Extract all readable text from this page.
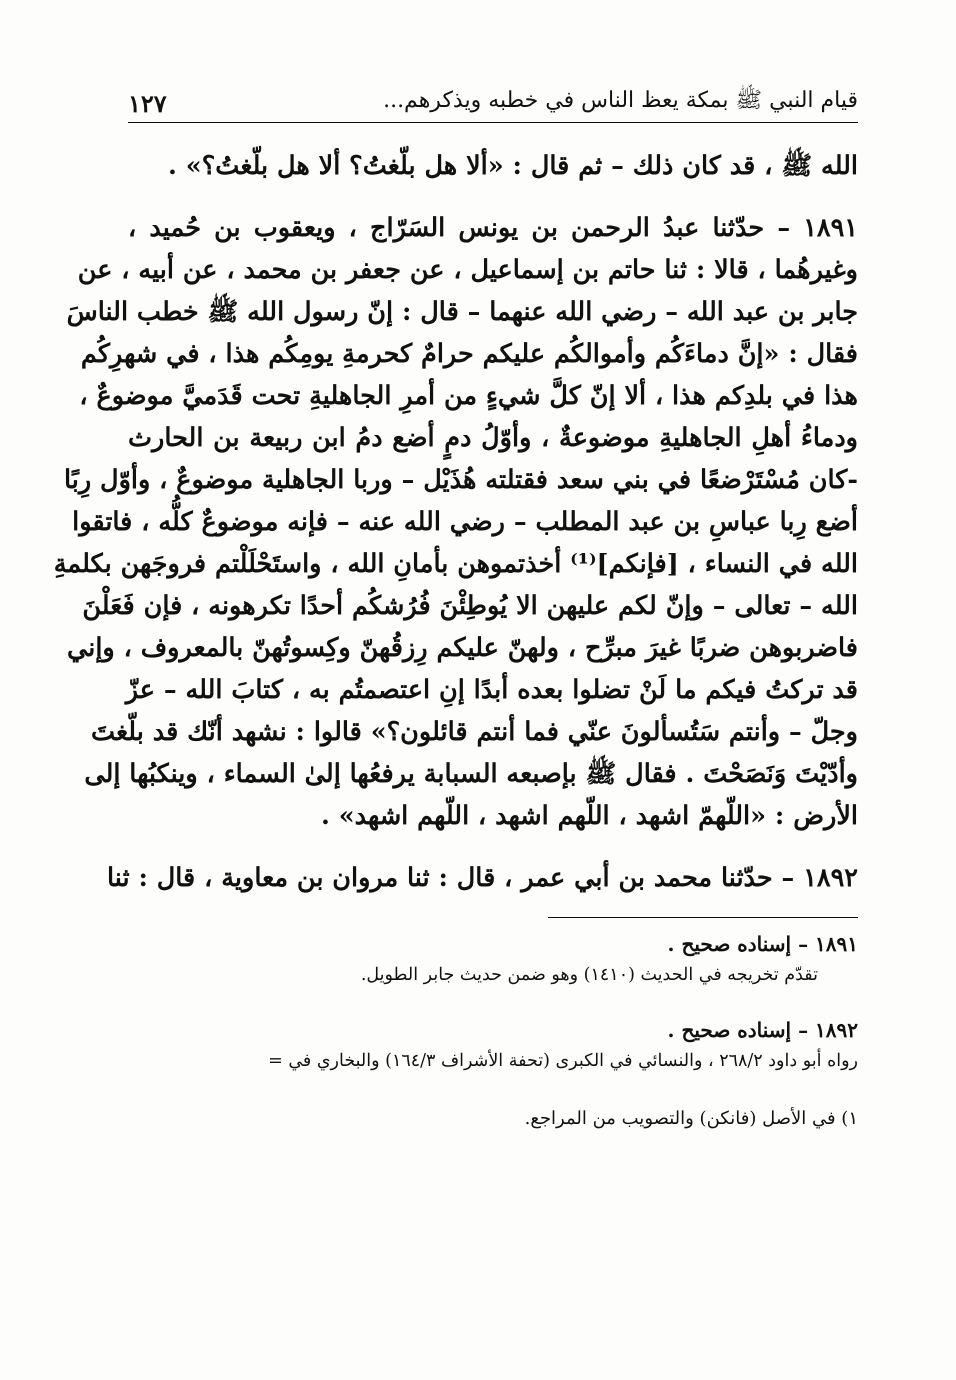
قيام النبي ﷺ بمكة يعظ الناس في خطبه ويذكرهم...
١٢٧
الله ﷺ ، قد كان ذلك – ثم قال : «ألا هل بلّغتُ؟ ألا هل بلّغتُ؟» .
١٨٩١ – حدّثنا عبدُ الرحمن بن يونس السَرّاج ، ويعقوب بن حُميد ،
وغيرهُما ، قالا : ثنا حاتم بن إسماعيل ، عن جعفر بن محمد ، عن أبيه ، عن
جابر بن عبد الله – رضي الله عنهما – قال : إنّ رسول الله ﷺ خطب الناسَ
فقال : «إنَّ دماءَكُم وأموالكُم عليكم حرامٌ كحرمةِ يومِكُم هذا ، في شهرِكُم
هذا في بلدِكم هذا ، ألا إنّ كلَّ شيءٍ من أمرِ الجاهليةِ تحت قَدَميَّ موضوعٌ ،
ودماءُ أهلِ الجاهليةِ موضوعةٌ ، وأوّلُ دمٍ أضع دمُ ابن ربيعة بن الحارث
-كان مُسْتَرْضعًا في بني سعد فقتلته هُذَيْل – وربا الجاهلية موضوعٌ ، وأوّل رِبًا
أضع رِبا عباسِ بن عبد المطلب – رضي الله عنه – فإنه موضوعٌ كلُّه ، فاتقوا
الله في النساء ، [فإنكم]⁽¹⁾ أخذتموهن بأمانِ الله ، واستَحْلَلْتم فروجَهن بكلمةِ
الله – تعالى – وإنّ لكم عليهن الا يُوطِئْنَ فُرُشكُم أحدًا تكرهونه ، فإن فَعَلْنَ
فاضربوهن ضربًا غيرَ مبرِّح ، ولهنّ عليكم رِزقُهنّ وكِسوتُهنّ بالمعروف ، وإني
قد تركتُ فيكم ما لَنْ تضلوا بعده أبدًا إنِ اعتصمتُم به ، كتابَ الله – عزّ
وجلّ – وأنتم سَتُسألونَ عنّي فما أنتم قائلون؟» قالوا : نشهد أنّك قد بلّغتَ
وأدّيْتَ وَنَصَحْتَ . فقال ﷺ بإصبعه السبابة يرفعُها إلىٰ السماء ، وينكبُها إلى
الأرض : «اللّهمّ اشهد ، اللّهم اشهد ، اللّهم اشهد» .
١٨٩٢ – حدّثنا محمد بن أبي عمر ، قال : ثنا مروان بن معاوية ، قال : ثنا
١٨٩١ – إسناده صحيح .
تقدّم تخريجه في الحديث (١٤١٠) وهو ضمن حديث جابر الطويل.
١٨٩٢ – إسناده صحيح .
رواه أبو داود ٢٦٨/٢ ، والنسائي في الكبرى (تحفة الأشراف ١٦٤/٣) والبخاري في =
١) في الأصل (فانكن) والتصويب من المراجع.
